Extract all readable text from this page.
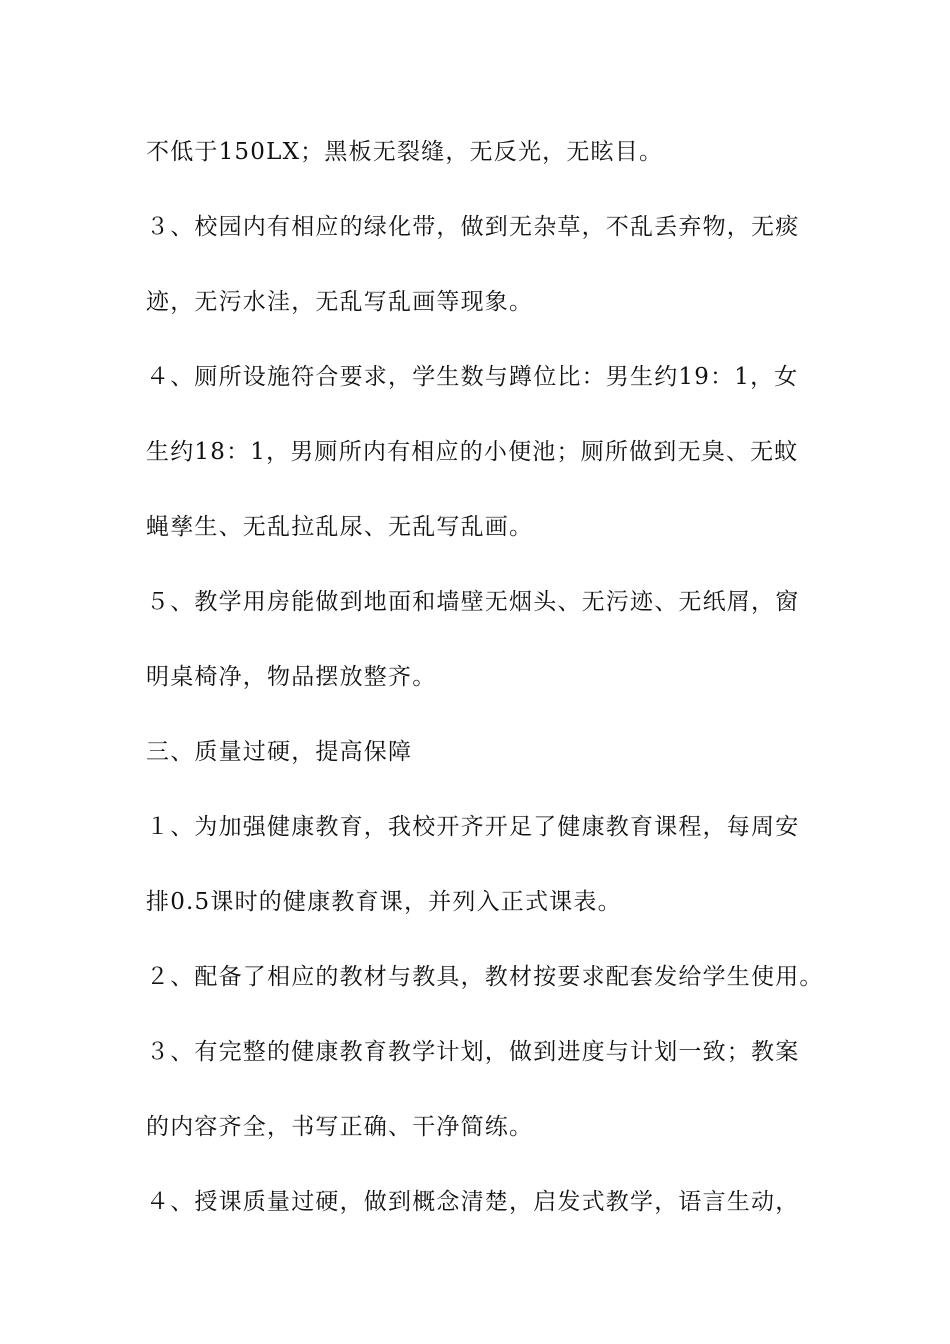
不低于150LX；黑板无裂缝，无反光，无眩目。
３、校园内有相应的绿化带，做到无杂草，不乱丢弃物，无痰
迹，无污水洼，无乱写乱画等现象。
４、厕所设施符合要求，学生数与蹲位比：男生约19：1，女
生约18：1，男厕所内有相应的小便池；厕所做到无臭、无蚊
蝇孳生、无乱拉乱尿、无乱写乱画。
５、教学用房能做到地面和墙壁无烟头、无污迹、无纸屑，窗
明桌椅净，物品摆放整齐。
三、质量过硬，提高保障
１、为加强健康教育，我校开齐开足了健康教育课程，每周安
排0.5课时的健康教育课，并列入正式课表。
２、配备了相应的教材与教具，教材按要求配套发给学生使用。
３、有完整的健康教育教学计划，做到进度与计划一致；教案
的内容齐全，书写正确、干净简练。
４、授课质量过硬，做到概念清楚，启发式教学，语言生动，
